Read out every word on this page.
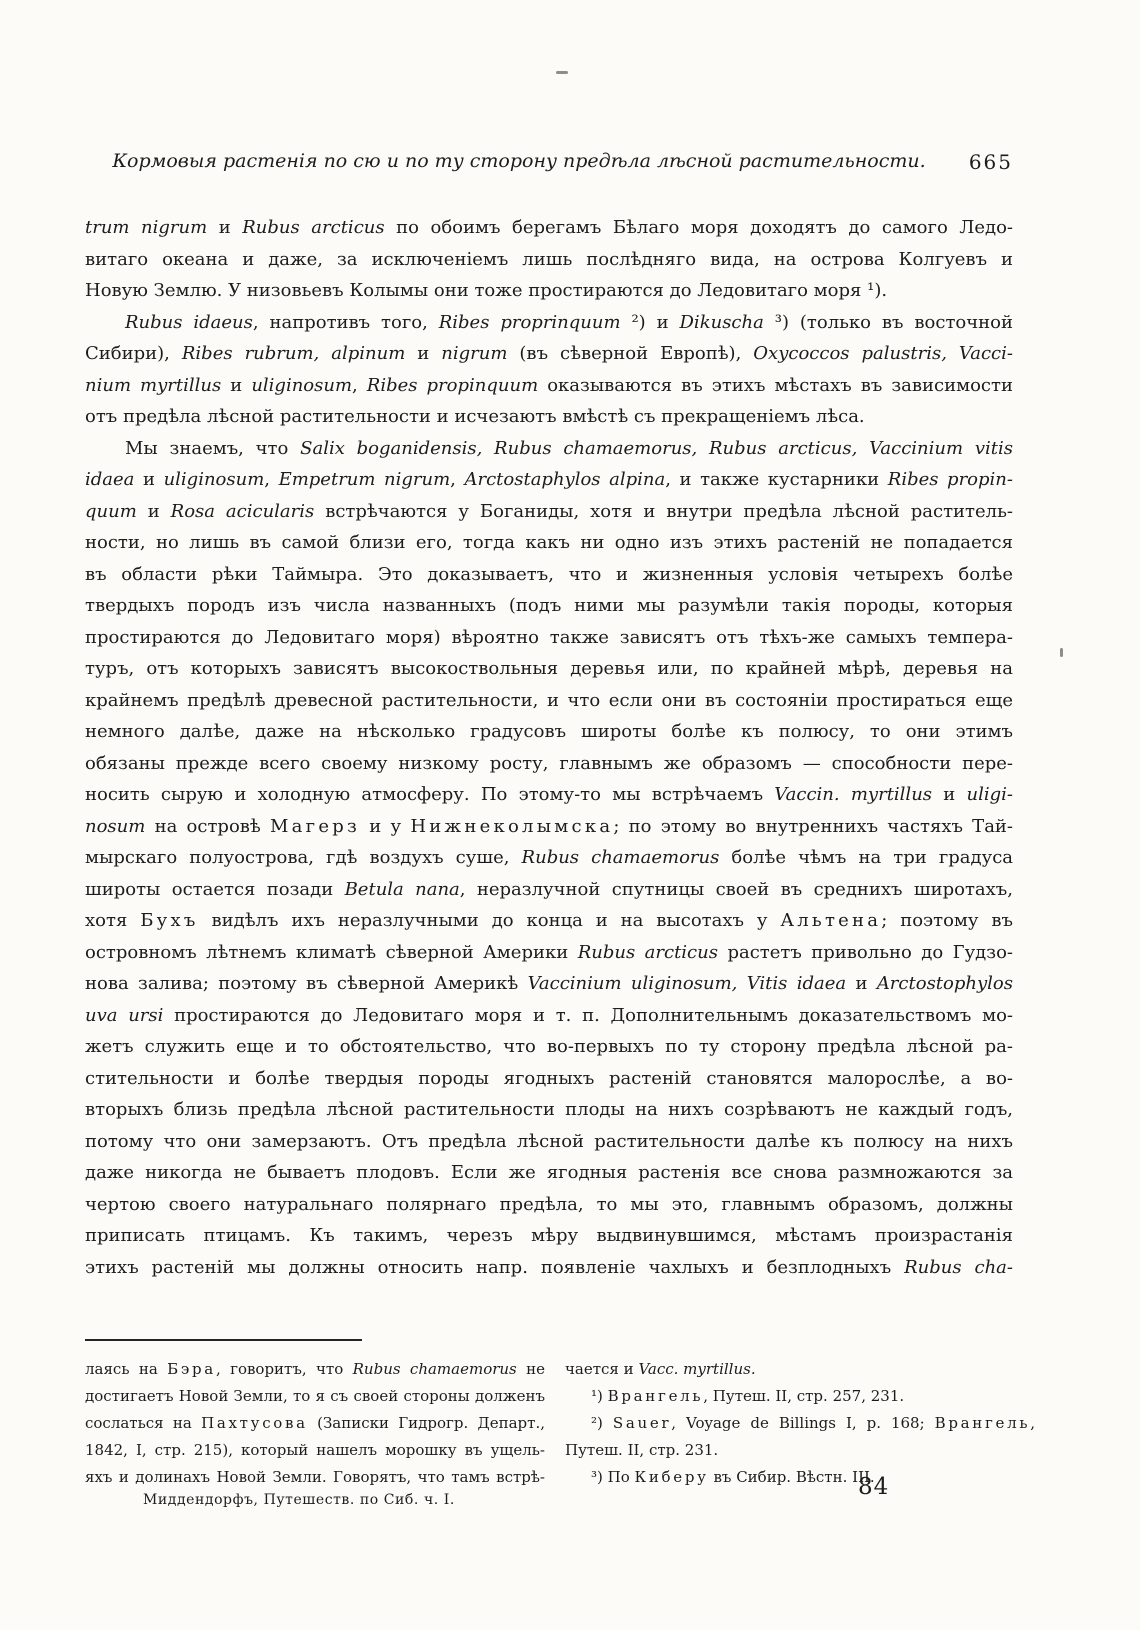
Кормовыя растенія по сю и по ту сторону предѣла лѣсной растительности.	665
trum nigrum и Rubus arcticus по обоимъ берегамъ Бѣлаго моря доходятъ до самого Ледо-
витаго океана и даже, за исключеніемъ лишь послѣдняго вида, на острова Колгуевъ и
Новую Землю. У низовьевъ Колымы они тоже простираются до Ледовитаго моря ¹).
Rubus idaeus, напротивъ того, Ribes proprinquum ²) и Dikuscha ³) (только въ восточной
Сибири), Ribes rubrum, alpinum и nigrum (въ сѣверной Европѣ), Oxycoccos palustris, Vacci-
nium myrtillus и uliginosum, Ribes propinquum оказываются въ этихъ мѣстахъ въ зависимости
отъ предѣла лѣсной растительности и исчезаютъ вмѣстѣ съ прекращеніемъ лѣса.
Мы знаемъ, что Salix boganidensis, Rubus chamaemorus, Rubus arcticus, Vaccinium vitis
idaea и uliginosum, Empetrum nigrum, Arctostaphylos alpina, и также кустарники Ribes propin-
quum и Rosa acicularis встрѣчаются у Боганиды, хотя и внутри предѣла лѣсной раститель-
ности, но лишь въ самой близи его, тогда какъ ни одно изъ этихъ растеній не попадается
въ области рѣки Таймыра. Это доказываетъ, что и жизненныя условія четырехъ болѣе
твердыхъ породъ изъ числа названныхъ (подъ ними мы разумѣли такія породы, которыя
простираются до Ледовитаго моря) вѣроятно также зависятъ отъ тѣхъ-же самыхъ темпера-
туръ, отъ которыхъ зависятъ высокоствольныя деревья или, по крайней мѣрѣ, деревья на
крайнемъ предѣлѣ древесной растительности, и что если они въ состояніи простираться еще
немного далѣе, даже на нѣсколько градусовъ широты болѣе къ полюсу, то они этимъ
обязаны прежде всего своему низкому росту, главнымъ же образомъ — способности пере-
носить сырую и холодную атмосферу. По этому-то мы встрѣчаемъ Vaccin. myrtillus и uligi-
nosum на островѣ Магерз и у Нижнеколымска; по этому во внутреннихъ частяхъ Тай-
мырскаго полуострова, гдѣ воздухъ суше, Rubus chamaemorus болѣе чѣмъ на три градуса
широты остается позади Betula nana, неразлучной спутницы своей въ среднихъ широтахъ,
хотя Бухъ видѣлъ ихъ неразлучными до конца и на высотахъ у Альтена; поэтому въ
островномъ лѣтнемъ климатѣ сѣверной Америки Rubus arcticus растетъ привольно до Гудзо-
нова залива; поэтому въ сѣверной Америкѣ Vaccinium uliginosum, Vitis idaea и Arctostophylos
uva ursi простираются до Ледовитаго моря и т. п. Дополнительнымъ доказательствомъ мо-
жетъ служить еще и то обстоятельство, что во-первыхъ по ту сторону предѣла лѣсной ра-
стительности и болѣе твердыя породы ягодныхъ растеній становятся малорослѣе, а во-
вторыхъ близь предѣла лѣсной растительности плоды на нихъ созрѣваютъ не каждый годъ,
потому что они замерзаютъ. Отъ предѣла лѣсной растительности далѣе къ полюсу на нихъ
даже никогда не бываетъ плодовъ. Если же ягодныя растенія все снова размножаются за
чертою своего натуральнаго полярнаго предѣла, то мы это, главнымъ образомъ, должны
приписать птицамъ. Къ такимъ, черезъ мѣру выдвинувшимся, мѣстамъ произрастанія
этихъ растеній мы должны относить напр. появленіе чахлыхъ и безплодныхъ Rubus cha-
лаясь на Бэра, говоритъ, что Rubus chamaemorus не
достигаетъ Новой Земли, то я съ своей стороны долженъ
сослаться на Пахтусова (Записки Гидрогр. Департ.,
1842, I, стр. 215), который нашелъ морошку въ ущель-
яхъ и долинахъ Новой Земли. Говорятъ, что тамъ встрѣ-
чается и Vacc. myrtillus.
¹) Врангель, Путеш. II, стр. 257, 231.
²) Sauer, Voyage de Billings I, p. 168; Врангель,
Путеш. II, стр. 231.
³) По Киберу въ Сибир. Вѣстн. III.
Миддендорфъ, Путешеств. по Сиб. ч. I.	84
